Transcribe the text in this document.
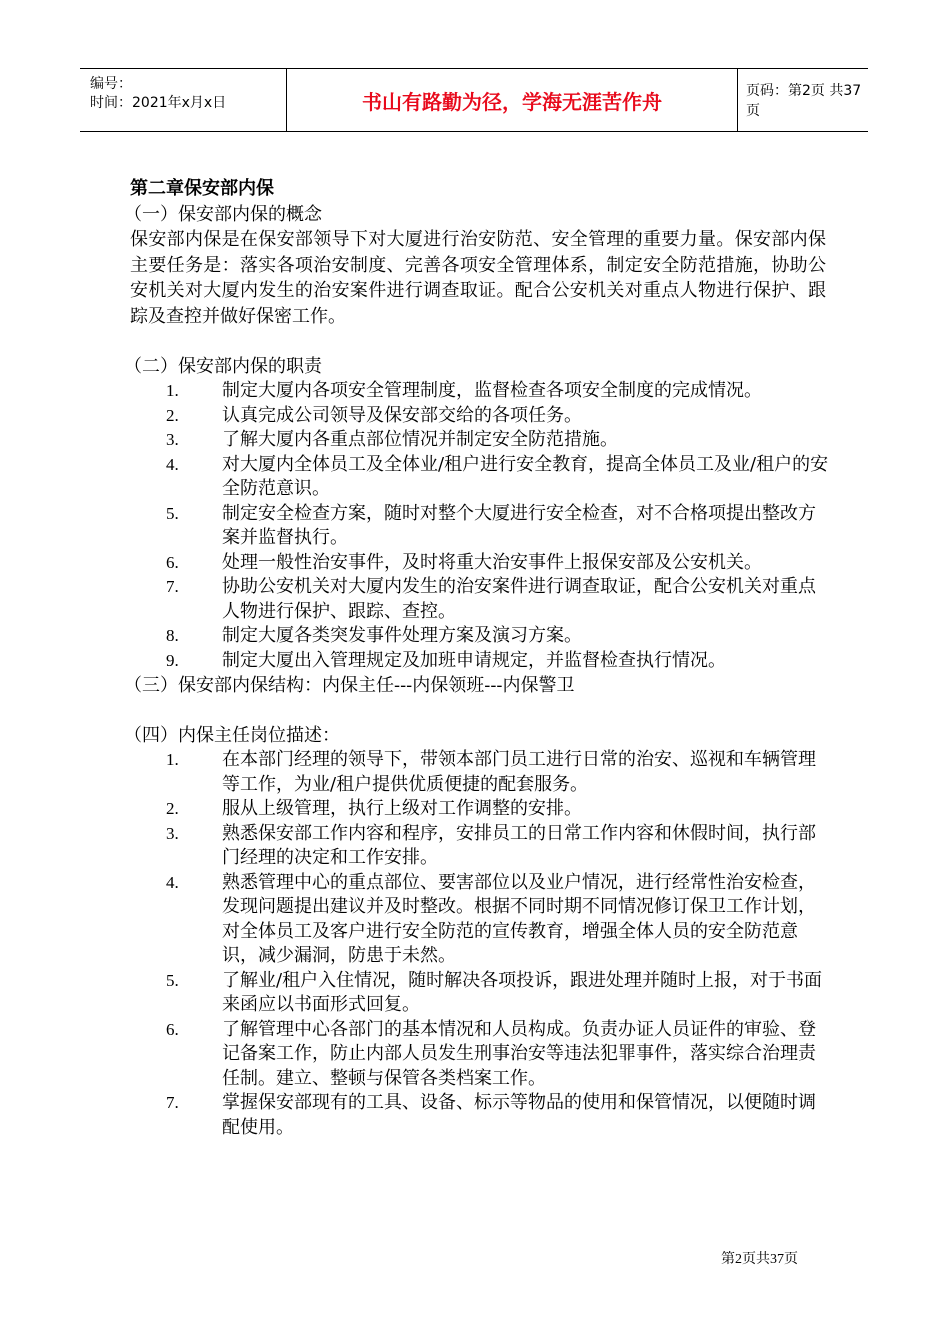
编号：
时间：2021年x月x日	书山有路勤为径，学海无涯苦作舟	页码：第2页 共37页
第二章保安部内保
（一）保安部内保的概念
保安部内保是在保安部领导下对大厦进行治安防范、安全管理的重要力量。保安部内保主要任务是：落实各项治安制度、完善各项安全管理体系，制定安全防范措施，协助公安机关对大厦内发生的治安案件进行调查取证。配合公安机关对重点人物进行保护、跟踪及查控并做好保密工作。
（二）保安部内保的职责
1. 制定大厦内各项安全管理制度，监督检查各项安全制度的完成情况。
2. 认真完成公司领导及保安部交给的各项任务。
3. 了解大厦内各重点部位情况并制定安全防范措施。
4. 对大厦内全体员工及全体业/租户进行安全教育，提高全体员工及业/租户的安全防范意识。
5. 制定安全检查方案，随时对整个大厦进行安全检查，对不合格项提出整改方案并监督执行。
6. 处理一般性治安事件，及时将重大治安事件上报保安部及公安机关。
7. 协助公安机关对大厦内发生的治安案件进行调查取证，配合公安机关对重点人物进行保护、跟踪、查控。
8. 制定大厦各类突发事件处理方案及演习方案。
9. 制定大厦出入管理规定及加班申请规定，并监督检查执行情况。
（三）保安部内保结构：内保主任---内保领班---内保警卫
（四）内保主任岗位描述：
1. 在本部门经理的领导下，带领本部门员工进行日常的治安、巡视和车辆管理等工作，为业/租户提供优质便捷的配套服务。
2. 服从上级管理，执行上级对工作调整的安排。
3. 熟悉保安部工作内容和程序，安排员工的日常工作内容和休假时间，执行部门经理的决定和工作安排。
4. 熟悉管理中心的重点部位、要害部位以及业户情况，进行经常性治安检查，发现问题提出建议并及时整改。根据不同时期不同情况修订保卫工作计划，对全体员工及客户进行安全防范的宣传教育，增强全体人员的安全防范意识，减少漏洞，防患于未然。
5. 了解业/租户入住情况，随时解决各项投诉，跟进处理并随时上报，对于书面来函应以书面形式回复。
6. 了解管理中心各部门的基本情况和人员构成。负责办证人员证件的审验、登记备案工作，防止内部人员发生刑事治安等违法犯罪事件，落实综合治理责任制。建立、整顿与保管各类档案工作。
7. 掌握保安部现有的工具、设备、标示等物品的使用和保管情况，以便随时调配使用。
第2页共37页
